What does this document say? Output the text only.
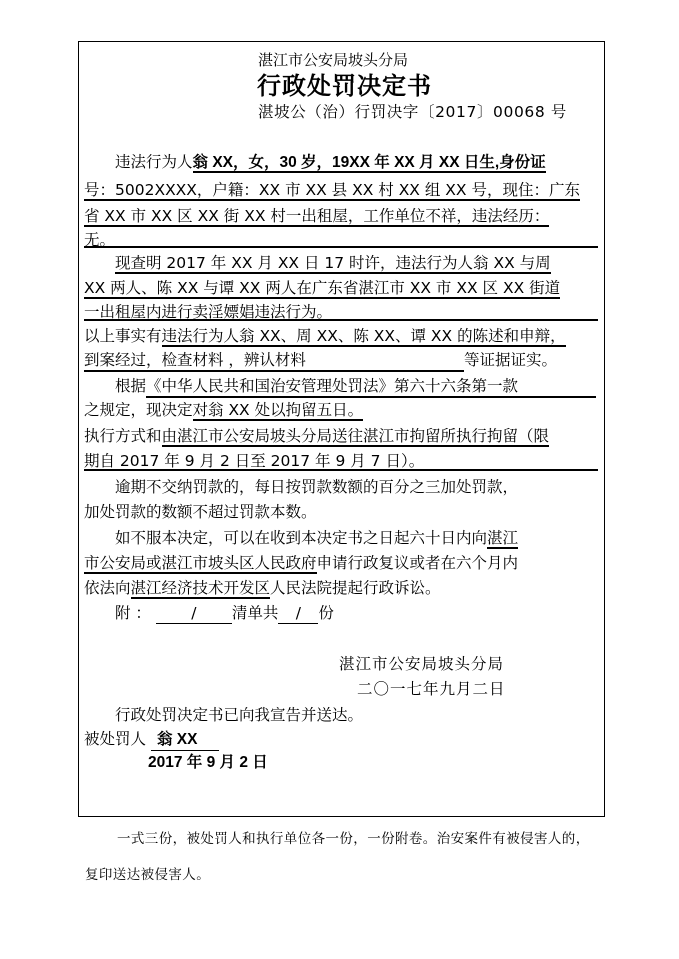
湛江市公安局坡头分局
行政处罚决定书
湛坡公（治）行罚决字〔2017〕00068 号
违法行为人翁 XX，女，30 岁，19XX 年 XX 月 XX 日生,身份证
号：5002XXXX，户籍：XX 市 XX 县 XX 村 XX 组 XX 号，现住：广东
省 XX 市 XX 区 XX 街 XX 村一出租屋，工作单位不祥，违法经历：
无。
现查明 2017 年 XX 月 XX 日 17 时许，违法行为人翁 XX 与周
XX 两人、陈 XX 与谭 XX 两人在广东省湛江市 XX 市 XX 区 XX 街道
一出租屋内进行卖淫嫖娼违法行为。
以上事实有违法行为人翁 XX、周 XX、陈 XX、谭 XX 的陈述和申辩，
到案经过，检查材料 ，辨认材料	等证据证实。
根据《中华人民共和国治安管理处罚法》第六十六条第一款
之规定，现决定对翁 XX 处以拘留五日。
执行方式和由湛江市公安局坡头分局送往湛江市拘留所执行拘留（限
期自 2017 年 9 月 2 日至 2017 年 9 月 7 日）。
逾期不交纳罚款的，每日按罚款数额的百分之三加处罚款，
加处罚款的数额不超过罚款本数。
如不服本决定，可以在收到本决定书之日起六十日内向湛江
市公安局或湛江市坡头区人民政府申请行政复议或者在六个月内
依法向湛江经济技术开发区人民法院提起行政诉讼。
附 ：	/ 清单共 / 份
湛江市公安局坡头分局
二〇一七年九月二日
行政处罚决定书已向我宣告并送达。
被处罚人 翁 XX
2017 年 9 月 2 日
一式三份，被处罚人和执行单位各一份，一份附卷。治安案件有被侵害人的，
复印送达被侵害人。
